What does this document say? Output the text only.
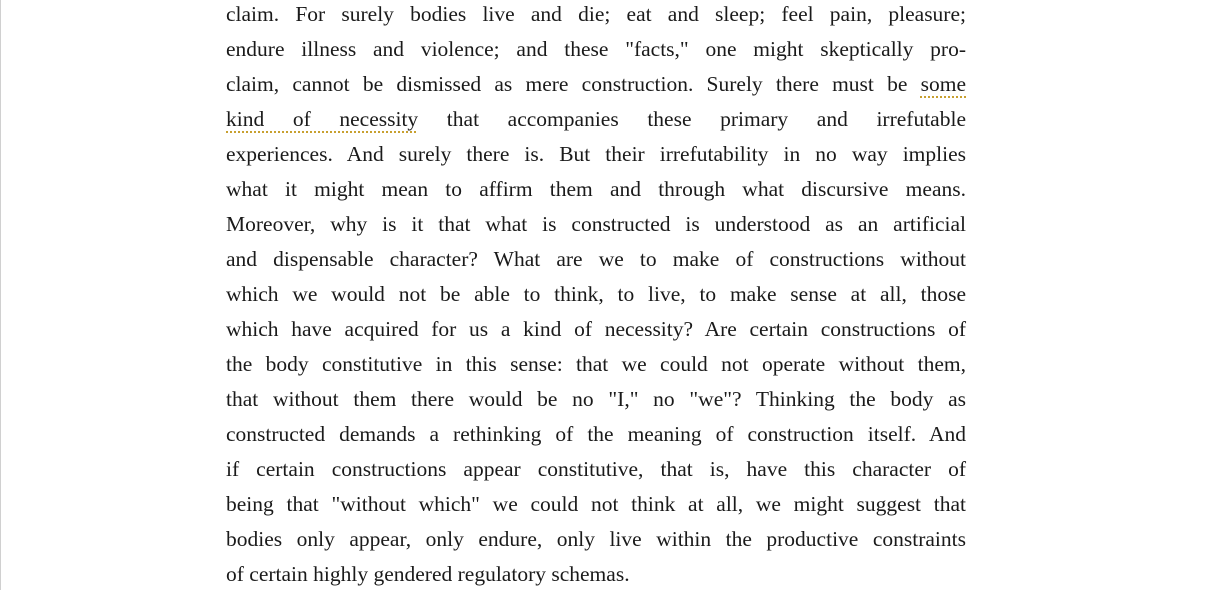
claim. For surely bodies live and die; eat and sleep; feel pain, pleasure;
endure illness and violence; and these "facts," one might skeptically pro-
claim, cannot be dismissed as mere construction. Surely there must be some
kind of necessity that accompanies these primary and irrefutable
experiences. And surely there is. But their irrefutability in no way implies
what it might mean to affirm them and through what discursive means.
Moreover, why is it that what is constructed is understood as an artificial
and dispensable character? What are we to make of constructions without
which we would not be able to think, to live, to make sense at all, those
which have acquired for us a kind of necessity? Are certain constructions of
the body constitutive in this sense: that we could not operate without them,
that without them there would be no "I," no "we"? Thinking the body as
constructed demands a rethinking of the meaning of construction itself. And
if certain constructions appear constitutive, that is, have this character of
being that "without which" we could not think at all, we might suggest that
bodies only appear, only endure, only live within the productive constraints
of certain highly gendered regulatory schemas.
